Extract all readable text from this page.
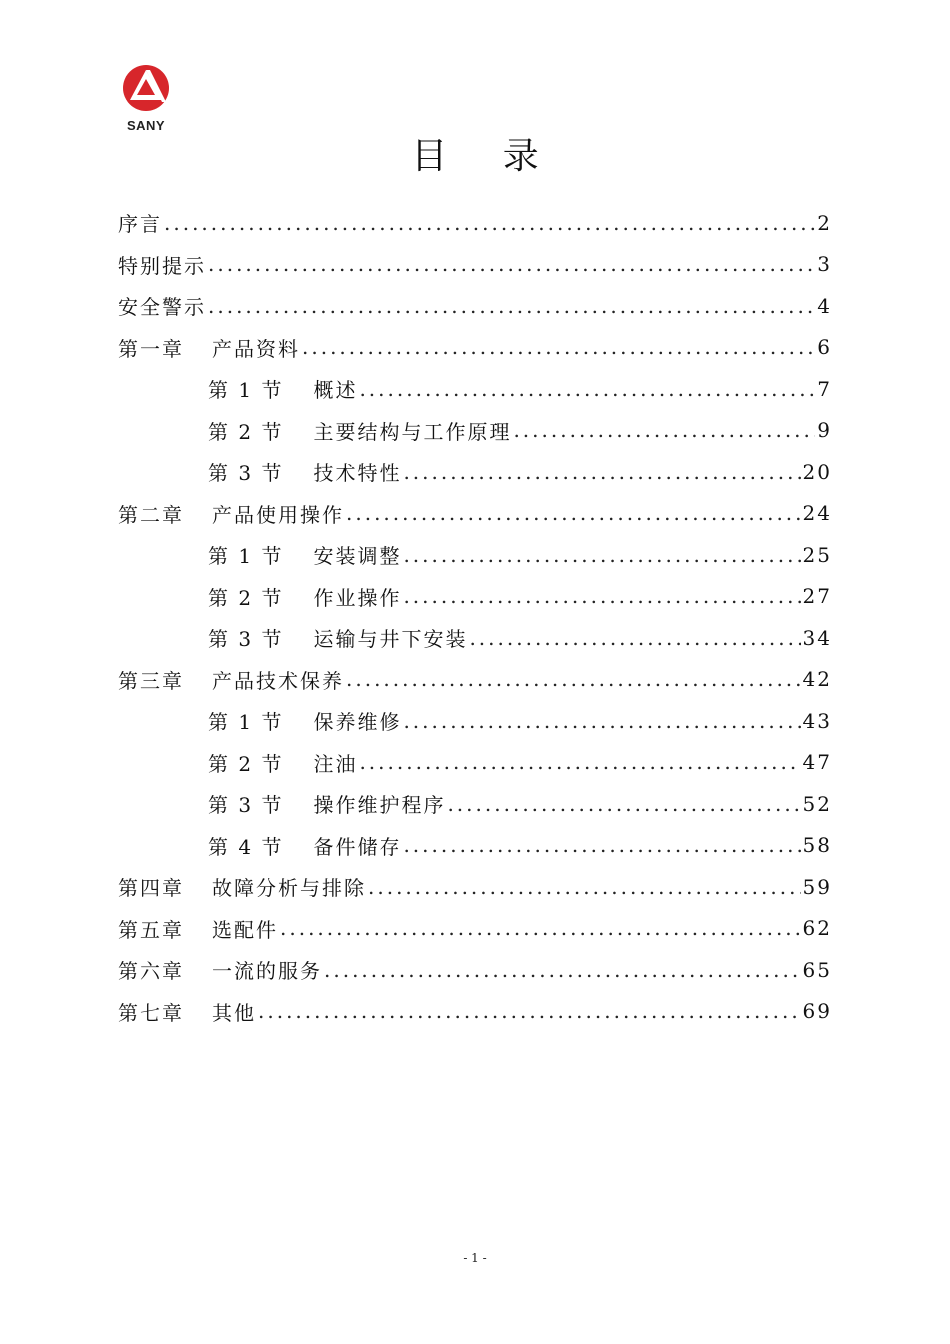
SANY
目 录
序言 .....	2
特别提示 .....	3
安全警示 .....	4
第一章 产品资料 .....	6
第 1 节 概述 .....	7
第 2 节 主要结构与工作原理 .....	9
第 3 节 技术特性 .....	20
第二章 产品使用操作 .....	24
第 1 节 安装调整 .....	25
第 2 节 作业操作 .....	27
第 3 节 运输与井下安装 .....	34
第三章 产品技术保养 .....	42
第 1 节 保养维修 .....	43
第 2 节 注油 .....	47
第 3 节 操作维护程序 .....	52
第 4 节 备件储存 .....	58
第四章 故障分析与排除 .....	59
第五章 选配件 .....	62
第六章 一流的服务 .....	65
第七章 其他 .....	69
- 1 -
